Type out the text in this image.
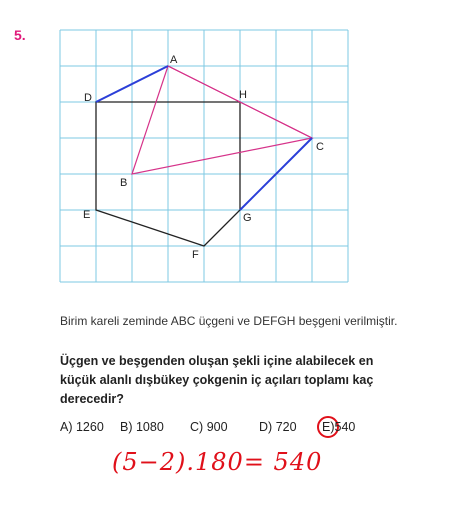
5.
A
B
C
D
E
F
G
H
Birim kareli zeminde ABC üçgeni ve DEFGH beşgeni verilmiştir.
Üçgen ve beşgenden oluşan şekli içine alabilecek en küçük alanlı dışbükey çokgenin iç açıları toplamı kaç derecedir?
A) 1260 B) 1080 C) 900	D) 720 E)540
(5−2).180= 540
